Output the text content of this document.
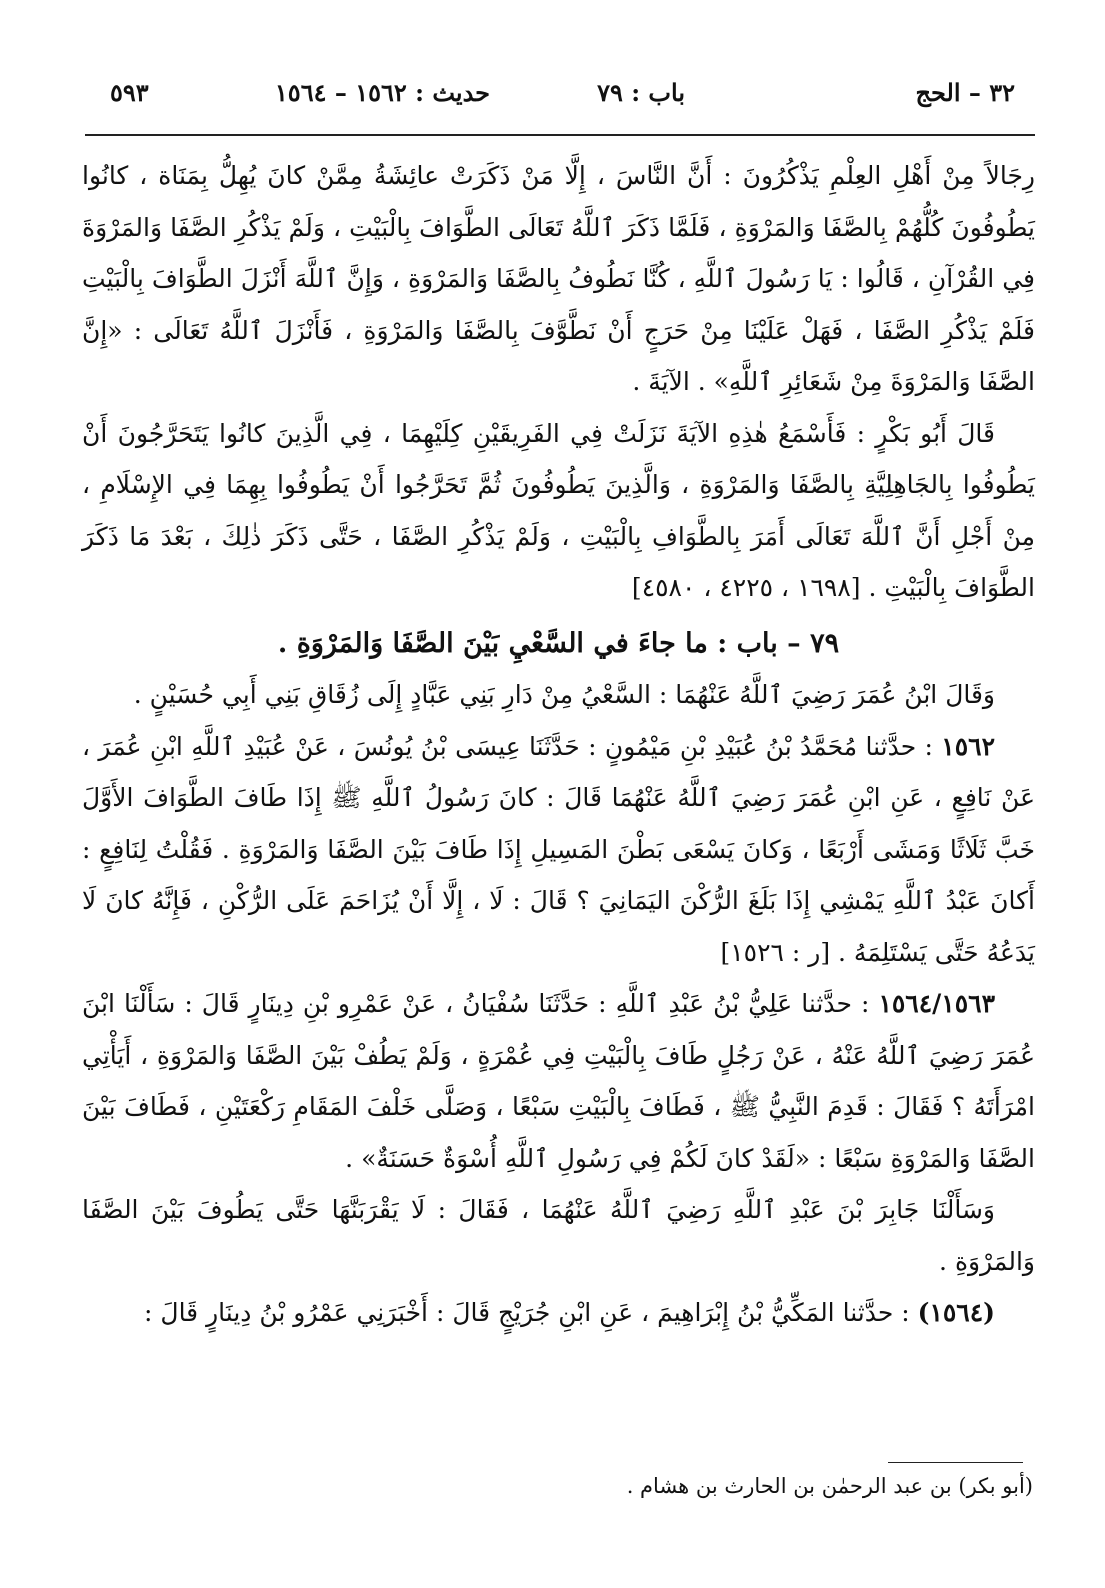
٣٢ – الحج
باب : ٧٩
حديث : ١٥٦٢ – ١٥٦٤
٥٩٣

رِجَالاً مِنْ أَهْلِ العِلْمِ يَذْكُرُونَ : أَنَّ النَّاسَ ، إِلَّا مَنْ ذَكَرَتْ عائِشَةُ مِمَّنْ كانَ يُهِلُّ بِمَنَاة ، كانُوا يَطُوفُونَ كُلُّهُمْ بِالصَّفَا وَالمَرْوَةِ ، فَلَمَّا ذَكَرَ ٱللَّهُ تَعَالَى الطَّوَافَ بِالْبَيْتِ ، وَلَمْ يَذْكُرِ الصَّفَا وَالمَرْوَةَ فِي القُرْآنِ ، قَالُوا : يَا رَسُولَ ٱللَّهِ ، كُنَّا نَطُوفُ بِالصَّفَا وَالمَرْوَةِ ، وَإِنَّ ٱللَّهَ أَنْزَلَ الطَّوَافَ بِالْبَيْتِ فَلَمْ يَذْكُرِ الصَّفَا ، فَهَلْ عَلَيْنَا مِنْ حَرَجٍ أَنْ نَطَّوَّفَ بِالصَّفَا وَالمَرْوَةِ ، فَأَنْزَلَ ٱللَّهُ تَعَالَى : «إِنَّ الصَّفَا وَالمَرْوَةَ مِنْ شَعَائِرِ ٱللَّهِ» . الآيَةَ .

قَالَ أَبُو بَكْرٍ : فَأَسْمَعُ هٰذِهِ الآيَةَ نَزَلَتْ فِي الفَرِيقَيْنِ كِلَيْهِمَا ، فِي الَّذِينَ كانُوا يَتَحَرَّجُونَ أَنْ يَطُوفُوا بِالجَاهِلِيَّةِ بِالصَّفَا وَالمَرْوَةِ ، وَالَّذِينَ يَطُوفُونَ ثُمَّ تَحَرَّجُوا أَنْ يَطُوفُوا بِهِمَا فِي الإِسْلَامِ ، مِنْ أَجْلِ أَنَّ ٱللَّهَ تَعَالَى أَمَرَ بِالطَّوَافِ بِالْبَيْتِ ، وَلَمْ يَذْكُرِ الصَّفَا ، حَتَّى ذَكَرَ ذٰلِكَ ، بَعْدَ مَا ذَكَرَ الطَّوَافَ بِالْبَيْتِ . [١٦٩٨ ، ٤٢٢٥ ، ٤٥٨٠]

٧٩ – باب : ما جاءَ في السَّعْيِ بَيْنَ الصَّفَا وَالمَرْوَةِ .

وَقَالَ ابْنُ عُمَرَ رَضِيَ ٱللَّهُ عَنْهُمَا : السَّعْيُ مِنْ دَارِ بَنِي عَبَّادٍ إِلَى زُقَاقِ بَنِي أَبِي حُسَيْنٍ .

١٥٦٢ : حدَّثنا مُحَمَّدُ بْنُ عُبَيْدِ بْنِ مَيْمُونٍ : حَدَّثَنَا عِيسَى بْنُ يُونُسَ ، عَنْ عُبَيْدِ ٱللَّهِ ابْنِ عُمَرَ ، عَنْ نَافِعٍ ، عَنِ ابْنِ عُمَرَ رَضِيَ ٱللَّهُ عَنْهُمَا قَالَ : كانَ رَسُولُ ٱللَّهِ ﷺ إِذَا طَافَ الطَّوَافَ الأَوَّلَ خَبَّ ثَلَاثًا وَمَشَى أَرْبَعًا ، وَكانَ يَسْعَى بَطْنَ المَسِيلِ إِذَا طَافَ بَيْنَ الصَّفَا وَالمَرْوَةِ . فَقُلْتُ لِنَافِعٍ : أَكانَ عَبْدُ ٱللَّهِ يَمْشِي إِذَا بَلَغَ الرُّكْنَ اليَمَانِيَ ؟ قَالَ : لَا ، إِلَّا أَنْ يُزَاحَمَ عَلَى الرُّكْنِ ، فَإِنَّهُ كانَ لَا يَدَعُهُ حَتَّى يَسْتَلِمَهُ . [ر : ١٥٢٦]

١٥٦٤/١٥٦٣ : حدَّثنا عَلِيُّ بْنُ عَبْدِ ٱللَّهِ : حَدَّثَنَا سُفْيَانُ ، عَنْ عَمْرِو بْنِ دِينَارٍ قَالَ : سَأَلْنَا ابْنَ عُمَرَ رَضِيَ ٱللَّهُ عَنْهُ ، عَنْ رَجُلٍ طَافَ بِالْبَيْتِ فِي عُمْرَةٍ ، وَلَمْ يَطُفْ بَيْنَ الصَّفَا وَالمَرْوَةِ ، أَيَأْتِي امْرَأَتَهُ ؟ فَقَالَ : قَدِمَ النَّبِيُّ ﷺ ، فَطَافَ بِالْبَيْتِ سَبْعًا ، وَصَلَّى خَلْفَ المَقَامِ رَكْعَتَيْنِ ، فَطَافَ بَيْنَ الصَّفَا وَالمَرْوَةِ سَبْعًا : «لَقَدْ كانَ لَكُمْ فِي رَسُولِ ٱللَّهِ أُسْوَةٌ حَسَنَةٌ» .

وَسَأَلْنَا جَابِرَ بْنَ عَبْدِ ٱللَّهِ رَضِيَ ٱللَّهُ عَنْهُمَا ، فَقَالَ : لَا يَقْرَبَنَّهَا حَتَّى يَطُوفَ بَيْنَ الصَّفَا وَالمَرْوَةِ .

(١٥٦٤) : حدَّثنا المَكِّيُّ بْنُ إِبْرَاهِيمَ ، عَنِ ابْنِ جُرَيْجٍ قَالَ : أَخْبَرَنِي عَمْرُو بْنُ دِينَارٍ قَالَ :

(أبو بكر) بن عبد الرحمٰن بن الحارث بن هشام .
